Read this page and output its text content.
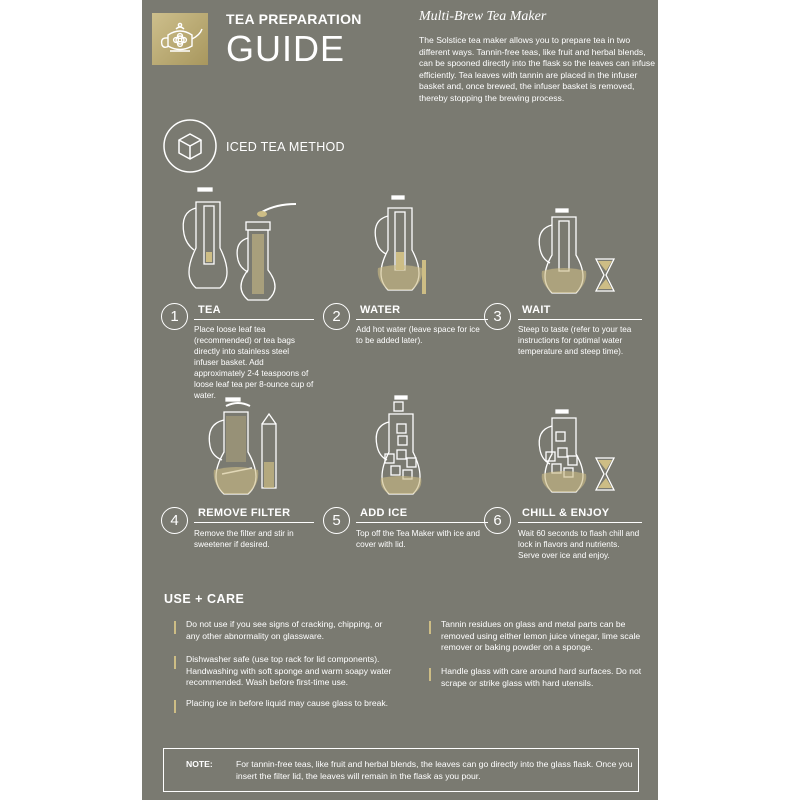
TEA PREPARATION
GUIDE
Multi-Brew Tea Maker
The Solstice tea maker allows you to prepare tea in two different ways. Tannin-free teas, like fruit and herbal blends, can be spooned directly into the flask so the leaves can infuse efficiently. Tea leaves with tannin are placed in the infuser basket and, once brewed, the infuser basket is removed, thereby stopping the brewing process.
ICED TEA METHOD
1	TEA
Place loose leaf tea (recommended) or tea bags directly into stainless steel infuser basket. Add approximately 2-4 teaspoons of loose leaf tea per 8-ounce cup of water.
2	WATER
Add hot water (leave space for ice to be added later).
3	WAIT
Steep to taste (refer to your tea instructions for optimal water temperature and steep time).
4	REMOVE FILTER
Remove the filter and stir in sweetener if desired.
5	ADD ICE
Top off the Tea Maker with ice and cover with lid.
6	CHILL & ENJOY
Wait 60 seconds to flash chill and lock in flavors and nutrients. Serve over ice and enjoy.
USE + CARE
Do not use if you see signs of cracking, chipping, or any other abnormality on glassware.
Dishwasher safe (use top rack for lid components). Handwashing with soft sponge and warm soapy water recommended. Wash before first-time use.
Placing ice in before liquid may cause glass to break.
Tannin residues on glass and metal parts can be removed using either lemon juice vinegar, lime scale remover or baking powder on a sponge.
Handle glass with care around hard surfaces. Do not scrape or strike glass with hard utensils.
NOTE:	For tannin-free teas, like fruit and herbal blends, the leaves can go directly into the glass flask. Once you insert the filter lid, the leaves will remain in the flask as you pour.
